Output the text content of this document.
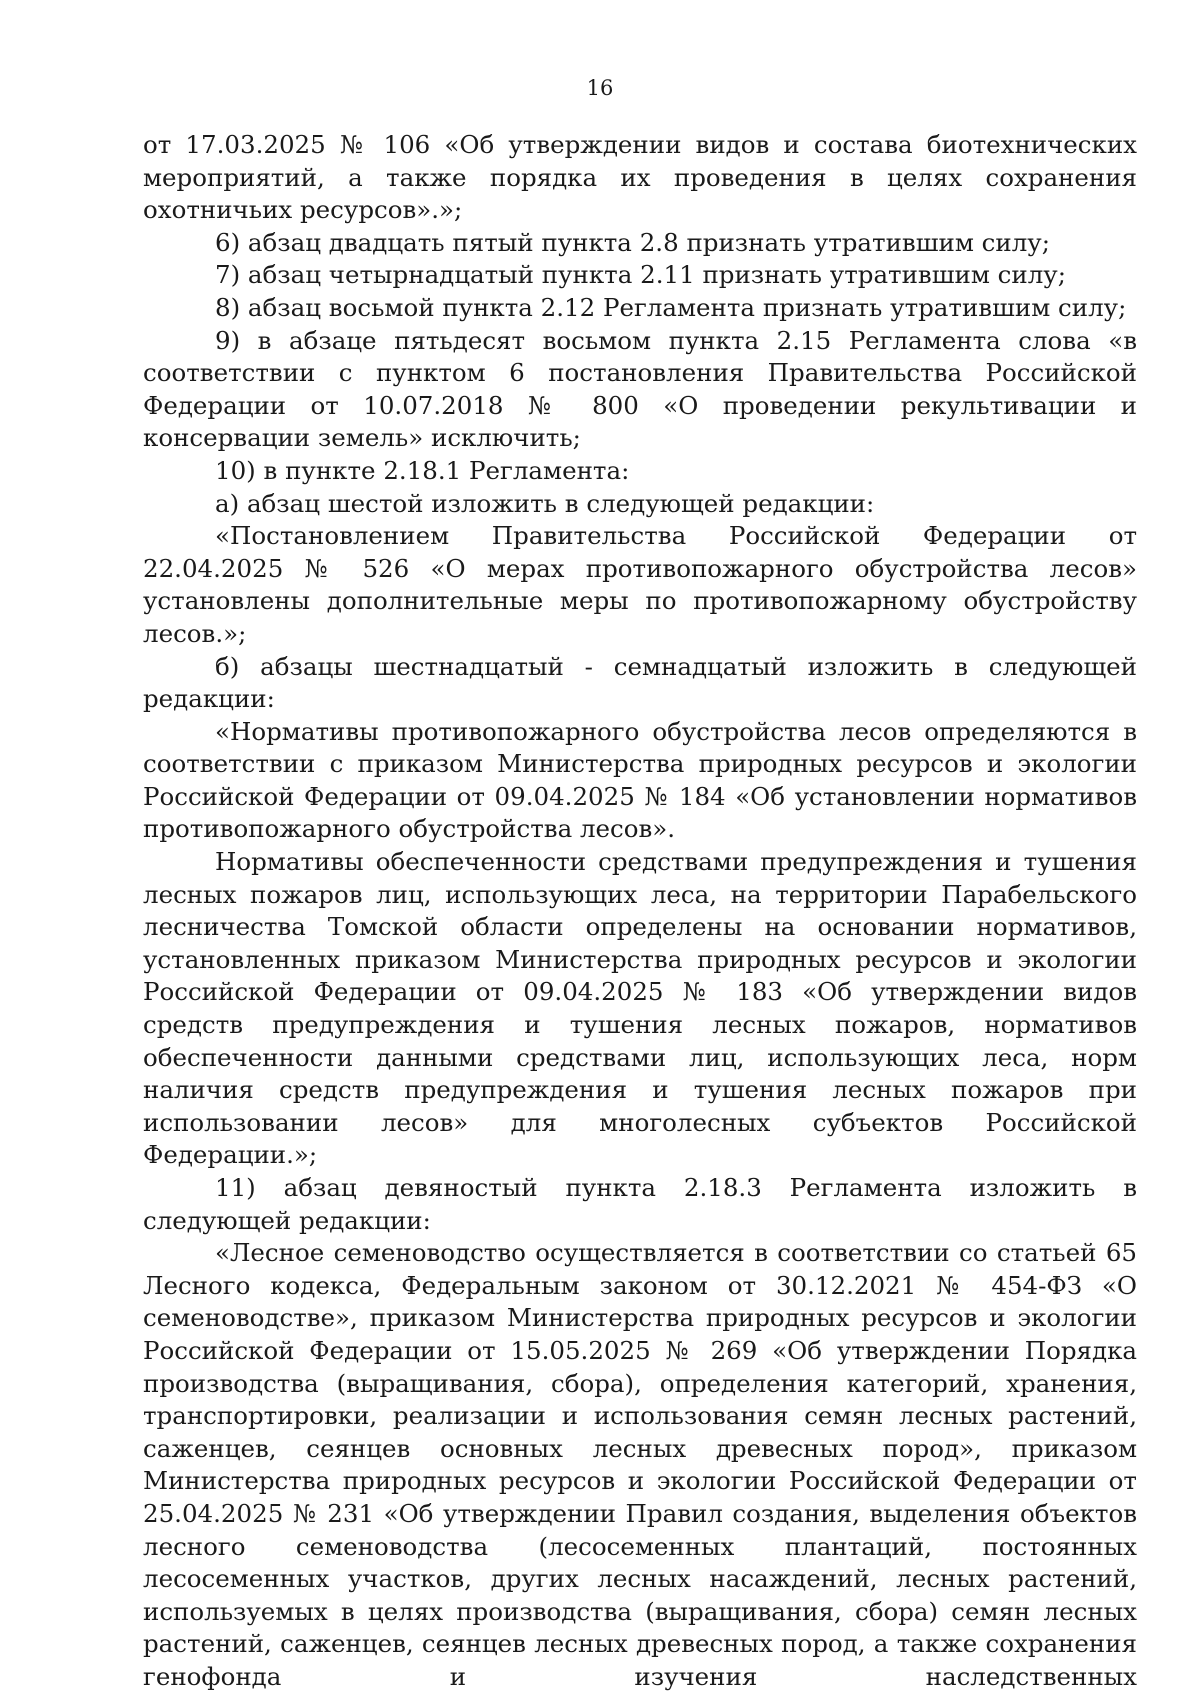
16

от 17.03.2025 № 106 «Об утверждении видов и состава биотехнических мероприятий, а также порядка их проведения в целях сохранения охотничьих ресурсов».»;

6) абзац двадцать пятый пункта 2.8 признать утратившим силу;

7) абзац четырнадцатый пункта 2.11 признать утратившим силу;

8) абзац восьмой пункта 2.12 Регламента признать утратившим силу;

9) в абзаце пятьдесят восьмом пункта 2.15 Регламента слова «в соответствии с пунктом 6 постановления Правительства Российской Федерации от 10.07.2018 № 800 «О проведении рекультивации и консервации земель» исключить;

10) в пункте 2.18.1 Регламента:

а) абзац шестой изложить в следующей редакции:

«Постановлением Правительства Российской Федерации от 22.04.2025 № 526 «О мерах противопожарного обустройства лесов» установлены дополнительные меры по противопожарному обустройству лесов.»;

б) абзацы шестнадцатый - семнадцатый изложить в следующей редакции:

«Нормативы противопожарного обустройства лесов определяются в соответствии с приказом Министерства природных ресурсов и экологии Российской Федерации от 09.04.2025 № 184 «Об установлении нормативов противопожарного обустройства лесов».

Нормативы обеспеченности средствами предупреждения и тушения лесных пожаров лиц, использующих леса, на территории Парабельского лесничества Томской области определены на основании нормативов, установленных приказом Министерства природных ресурсов и экологии Российской Федерации от 09.04.2025 № 183 «Об утверждении видов средств предупреждения и тушения лесных пожаров, нормативов обеспеченности данными средствами лиц, использующих леса, норм наличия средств предупреждения и тушения лесных пожаров при использовании лесов» для многолесных субъектов Российской Федерации.»;

11) абзац девяностый пункта 2.18.3 Регламента изложить в следующей редакции:

«Лесное семеноводство осуществляется в соответствии со статьей 65 Лесного кодекса, Федеральным законом от 30.12.2021 № 454-ФЗ «О семеноводстве», приказом Министерства природных ресурсов и экологии Российской Федерации от 15.05.2025 № 269 «Об утверждении Порядка производства (выращивания, сбора), определения категорий, хранения, транспортировки, реализации и использования семян лесных растений, саженцев, сеянцев основных лесных древесных пород», приказом Министерства природных ресурсов и экологии Российской Федерации от 25.04.2025 № 231 «Об утверждении Правил создания, выделения объектов лесного семеноводства (лесосеменных плантаций, постоянных лесосеменных участков, других лесных насаждений, лесных растений, используемых в целях производства (выращивания, сбора) семян лесных растений, саженцев, сеянцев лесных древесных пород, а также сохранения генофонда и изучения наследственных
